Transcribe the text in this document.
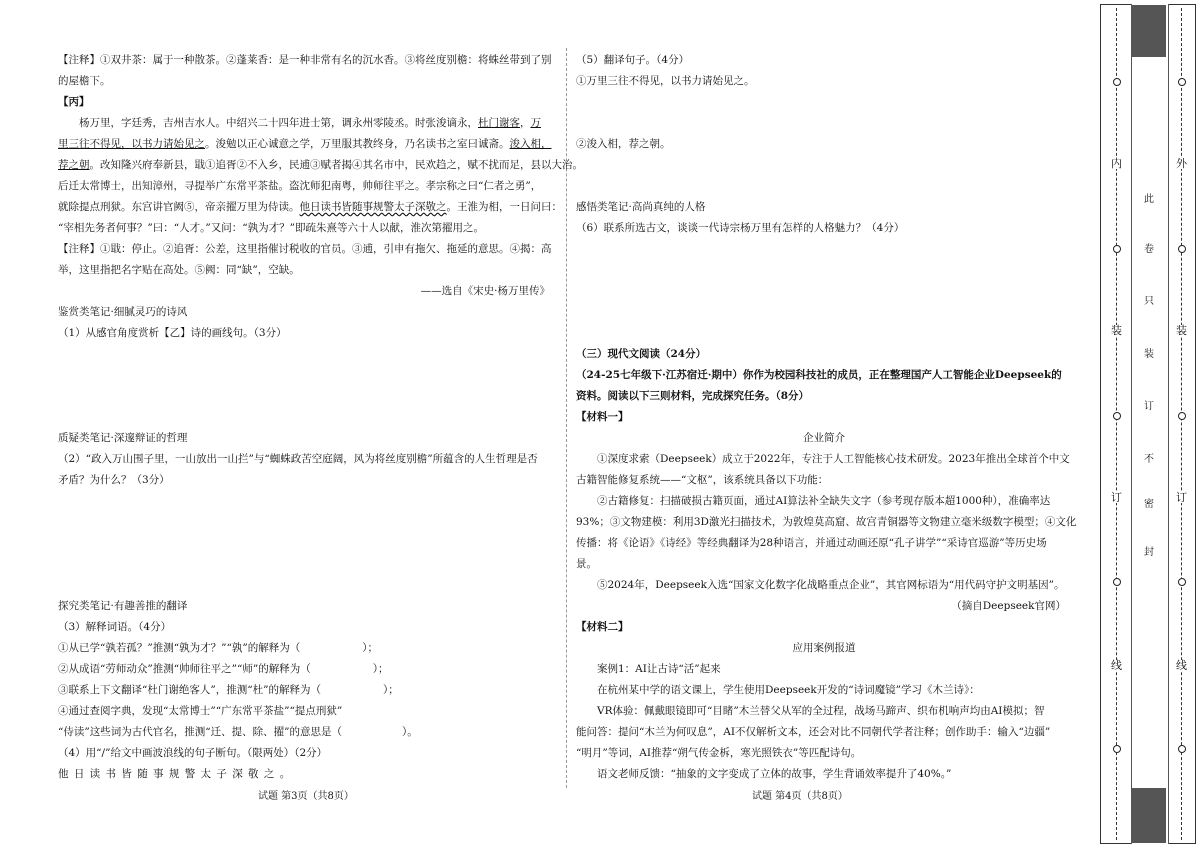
【注释】①双井茶：属于一种散茶。②蓬莱香：是一种非常有名的沉水香。③将丝度别檐：将蛛丝带到了别
的屋檐下。
【丙】
杨万里，字廷秀，吉州吉水人。中绍兴二十四年进士第，调永州零陵丞。时张浚谪永，杜门谢客，万
里三往不得见，以书力请始见之。浚勉以正心诚意之学，万里服其教终身，乃名读书之室曰诚斋。浚入相，
荐之朝。改知隆兴府奉新县，戢①追胥②不入乡，民逋③赋者揭④其名市中，民欢趋之，赋不扰而足，县以大治。
后迁太常博士，出知漳州，寻提举广东常平茶盐。盗沈师犯南粤，帅师往平之。孝宗称之曰“仁者之勇”，
就除提点刑狱。东宫讲官阙⑤，帝亲擢万里为侍读。他日读书皆随事规警太子深敬之。王淮为相，一日问曰：
“宰相先务者何事？”曰：“人才。”又问：“孰为才？”即疏朱熹等六十人以献，淮次第擢用之。
【注释】①戢：停止。②追胥：公差，这里指催讨税收的官员。③逋，引申有拖欠、拖延的意思。④揭：高
举，这里指把名字贴在高处。⑤阙：同“缺”，空缺。
——选自《宋史·杨万里传》
鉴赏类笔记·细腻灵巧的诗风
（1）从感官角度赏析【乙】诗的画线句。（3分）
质疑类笔记·深邃辩证的哲理
（2）“政入万山围子里，一山放出一山拦”与“蜘蛛政苦空庭阔，风为将丝度别檐”所蕴含的人生哲理是否
矛盾？为什么？（3分）
探究类笔记·有趣善推的翻译
（3）解释词语。（4分）
①从已学“孰若孤？”推测“孰为才？”“孰”的解释为（	）；
②从成语“劳师动众”推测“帅师往平之”“师”的解释为（	）；
③联系上下文翻译“杜门谢绝客人”，推测“杜”的解释为（	）；
④通过查阅字典，发现“太常博士”“广东常平茶盐”“提点刑狱”
“侍读”这些词为古代官名，推测“迁、提、除、擢”的意思是（	）。
（4）用“/”给文中画波浪线的句子断句。（限两处）（2分）
他 日 读 书 皆 随 事 规 警 太 子 深 敬 之 。
试题 第3页（共8页）
（5）翻译句子。（4分）
①万里三往不得见，以书力请始见之。
②浚入相，荐之朝。
感悟类笔记·高尚真纯的人格
（6）联系所选古文，谈谈一代诗宗杨万里有怎样的人格魅力？（4分）
（三）现代文阅读（24分）
（24-25七年级下·江苏宿迁·期中）你作为校园科技社的成员，正在整理国产人工智能企业Deepseek的
资料。阅读以下三则材料，完成探究任务。（8分）
【材料一】
企业简介
①深度求索（Deepseek）成立于2022年，专注于人工智能核心技术研发。2023年推出全球首个中文
古籍智能修复系统——“文枢”，该系统具备以下功能：
②古籍修复：扫描破损古籍页面，通过AI算法补全缺失文字（参考现存版本超1000种），准确率达
93%；③文物建模：利用3D激光扫描技术，为敦煌莫高窟、故宫青铜器等文物建立毫米级数字模型；④文化
传播：将《论语》《诗经》等经典翻译为28种语言，并通过动画还原“孔子讲学”“采诗官巡游”等历史场
景。
⑤2024年，Deepseek入选“国家文化数字化战略重点企业”，其官网标语为“用代码守护文明基因”。
（摘自Deepseek官网）
【材料二】
应用案例报道
案例1：AI让古诗“活”起来
在杭州某中学的语文课上，学生使用Deepseek开发的“诗词魔镜”学习《木兰诗》：
VR体验：佩戴眼镜即可“目睹”木兰替父从军的全过程，战场马蹄声、织布机响声均由AI模拟；智
能问答：提问“木兰为何叹息”，AI不仅解析文本，还会对比不同朝代学者注释；创作助手：输入“边疆”
“明月”等词，AI推荐“朔气传金柝，寒光照铁衣”等匹配诗句。
语文老师反馈：“抽象的文字变成了立体的故事，学生背诵效率提升了40%。”
试题 第4页（共8页）
内
装
订
线
外
装
订
线
此
卷
只
装
订
不
密
封
